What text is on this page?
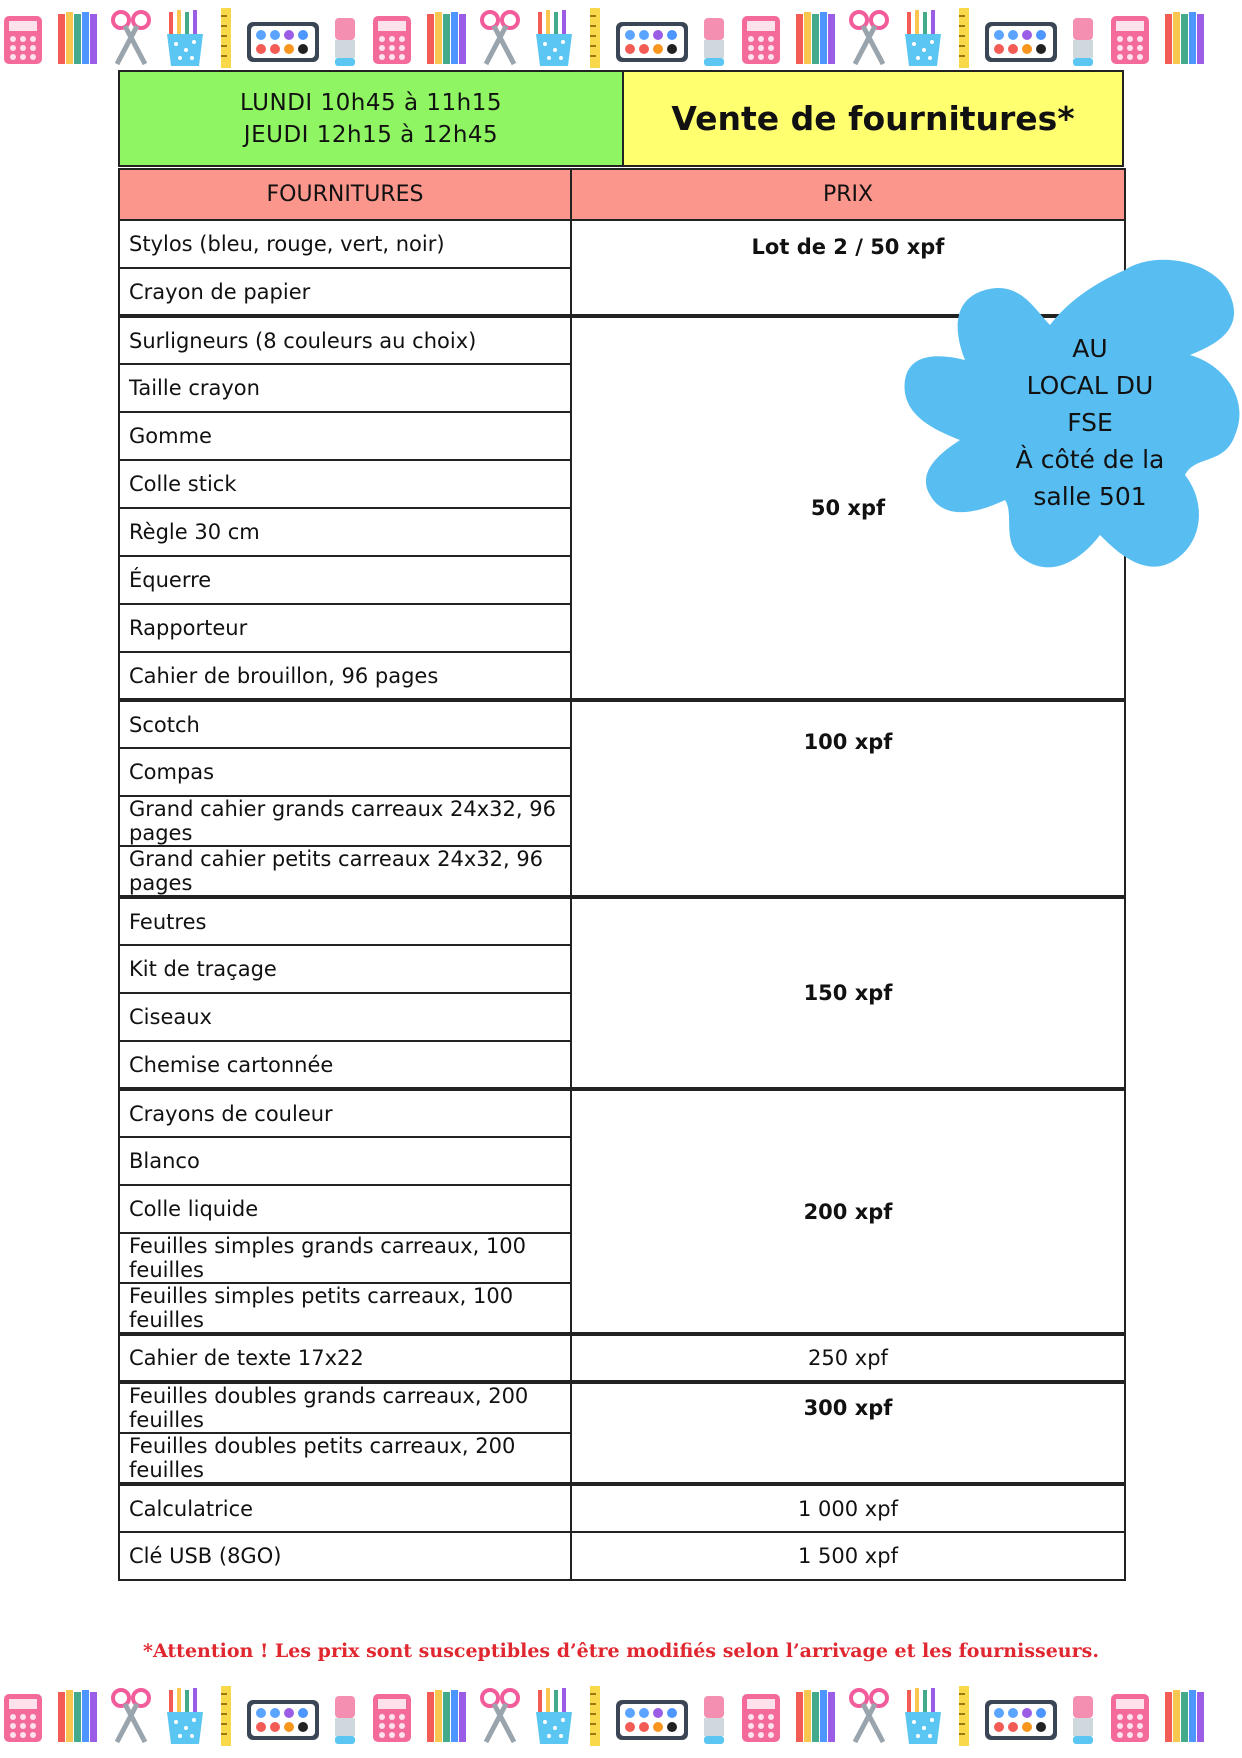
LUNDI 10h45 à 11h15
JEUDI 12h15 à 12h45	Vente de fournitures*
FOURNITURES	PRIX
Stylos (bleu, rouge, vert, noir)	Lot de 2 / 50 xpf
Crayon de papier	
Surligneurs (8 couleurs au choix)	50 xpf
Taille crayon	
Gomme	
Colle stick	
Règle 30 cm	
Équerre	
Rapporteur	
Cahier de brouillon, 96 pages	
Scotch	100 xpf
Compas	
Grand cahier grands carreaux 24x32, 96 pages	
Grand cahier petits carreaux 24x32, 96 pages	
Feutres	150 xpf
Kit de traçage	
Ciseaux	
Chemise cartonnée	
Crayons de couleur	200 xpf
Blanco	
Colle liquide	
Feuilles simples grands carreaux, 100 feuilles	
Feuilles simples petits carreaux, 100 feuilles	
Cahier de texte 17x22	250 xpf
Feuilles doubles grands carreaux, 200 feuilles	300 xpf
Feuilles doubles petits carreaux, 200 feuilles	
Calculatrice	1 000 xpf
Clé USB (8GO)	1 500 xpf
AU
LOCAL DU
FSE
À côté de la
salle 501
*Attention ! Les prix sont susceptibles d’être modifiés selon l’arrivage et les fournisseurs.
